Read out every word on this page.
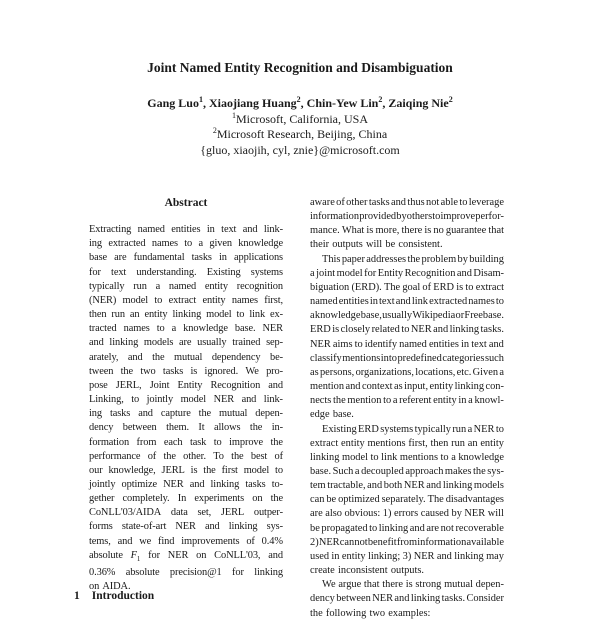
Joint Named Entity Recognition and Disambiguation
Gang Luo$^1$, Xiaojiang Huang$^2$, Chin-Yew Lin$^2$, Zaiqing Nie$^2$
$^1$Microsoft, California, USA
$^2$Microsoft Research, Beijing, China
{gluo, xiaojih, cyl, znie}@microsoft.com
Abstract
Extracting named entities in text and link-
ing extracted names to a given knowledge
base are fundamental tasks in applications
for text understanding. Existing systems
typically run a named entity recognition
(NER) model to extract entity names first,
then run an entity linking model to link ex-
tracted names to a knowledge base. NER
and linking models are usually trained sep-
arately, and the mutual dependency be-
tween the two tasks is ignored. We pro-
pose JERL, Joint Entity Recognition and
Linking, to jointly model NER and link-
ing tasks and capture the mutual depen-
dency between them. It allows the in-
formation from each task to improve the
performance of the other. To the best of
our knowledge, JERL is the first model to
jointly optimize NER and linking tasks to-
gether completely. In experiments on the
CoNLL'03/AIDA data set, JERL outper-
forms state-of-art NER and linking sys-
tems, and we find improvements of 0.4%
absolute $F_1$ for NER on CoNLL'03, and
0.36% absolute precision@1 for linking
on AIDA.
aware of other tasks and thus not able to leverage
information provided by others to improve perfor-
mance. What is more, there is no guarantee that
their outputs will be consistent.
This paper addresses the problem by building
a joint model for Entity Recognition and Disam-
biguation (ERD). The goal of ERD is to extract
named entities in text and link extracted names to
a knowledge base, usually Wikipedia or Freebase.
ERD is closely related to NER and linking tasks.
NER aims to identify named entities in text and
classify mentions into predefined categories such
as persons, organizations, locations, etc. Given a
mention and context as input, entity linking con-
nects the mention to a referent entity in a knowl-
edge base.
Existing ERD systems typically run a NER to
extract entity mentions first, then run an entity
linking model to link mentions to a knowledge
base. Such a decoupled approach makes the sys-
tem tractable, and both NER and linking models
can be optimized separately. The disadvantages
are also obvious: 1) errors caused by NER will
be propagated to linking and are not recoverable
2) NER can not benefit from information available
used in entity linking; 3) NER and linking may
create inconsistent outputs.
We argue that there is strong mutual depen-
dency between NER and linking tasks. Consider
the following two examples:
1 Introduction
